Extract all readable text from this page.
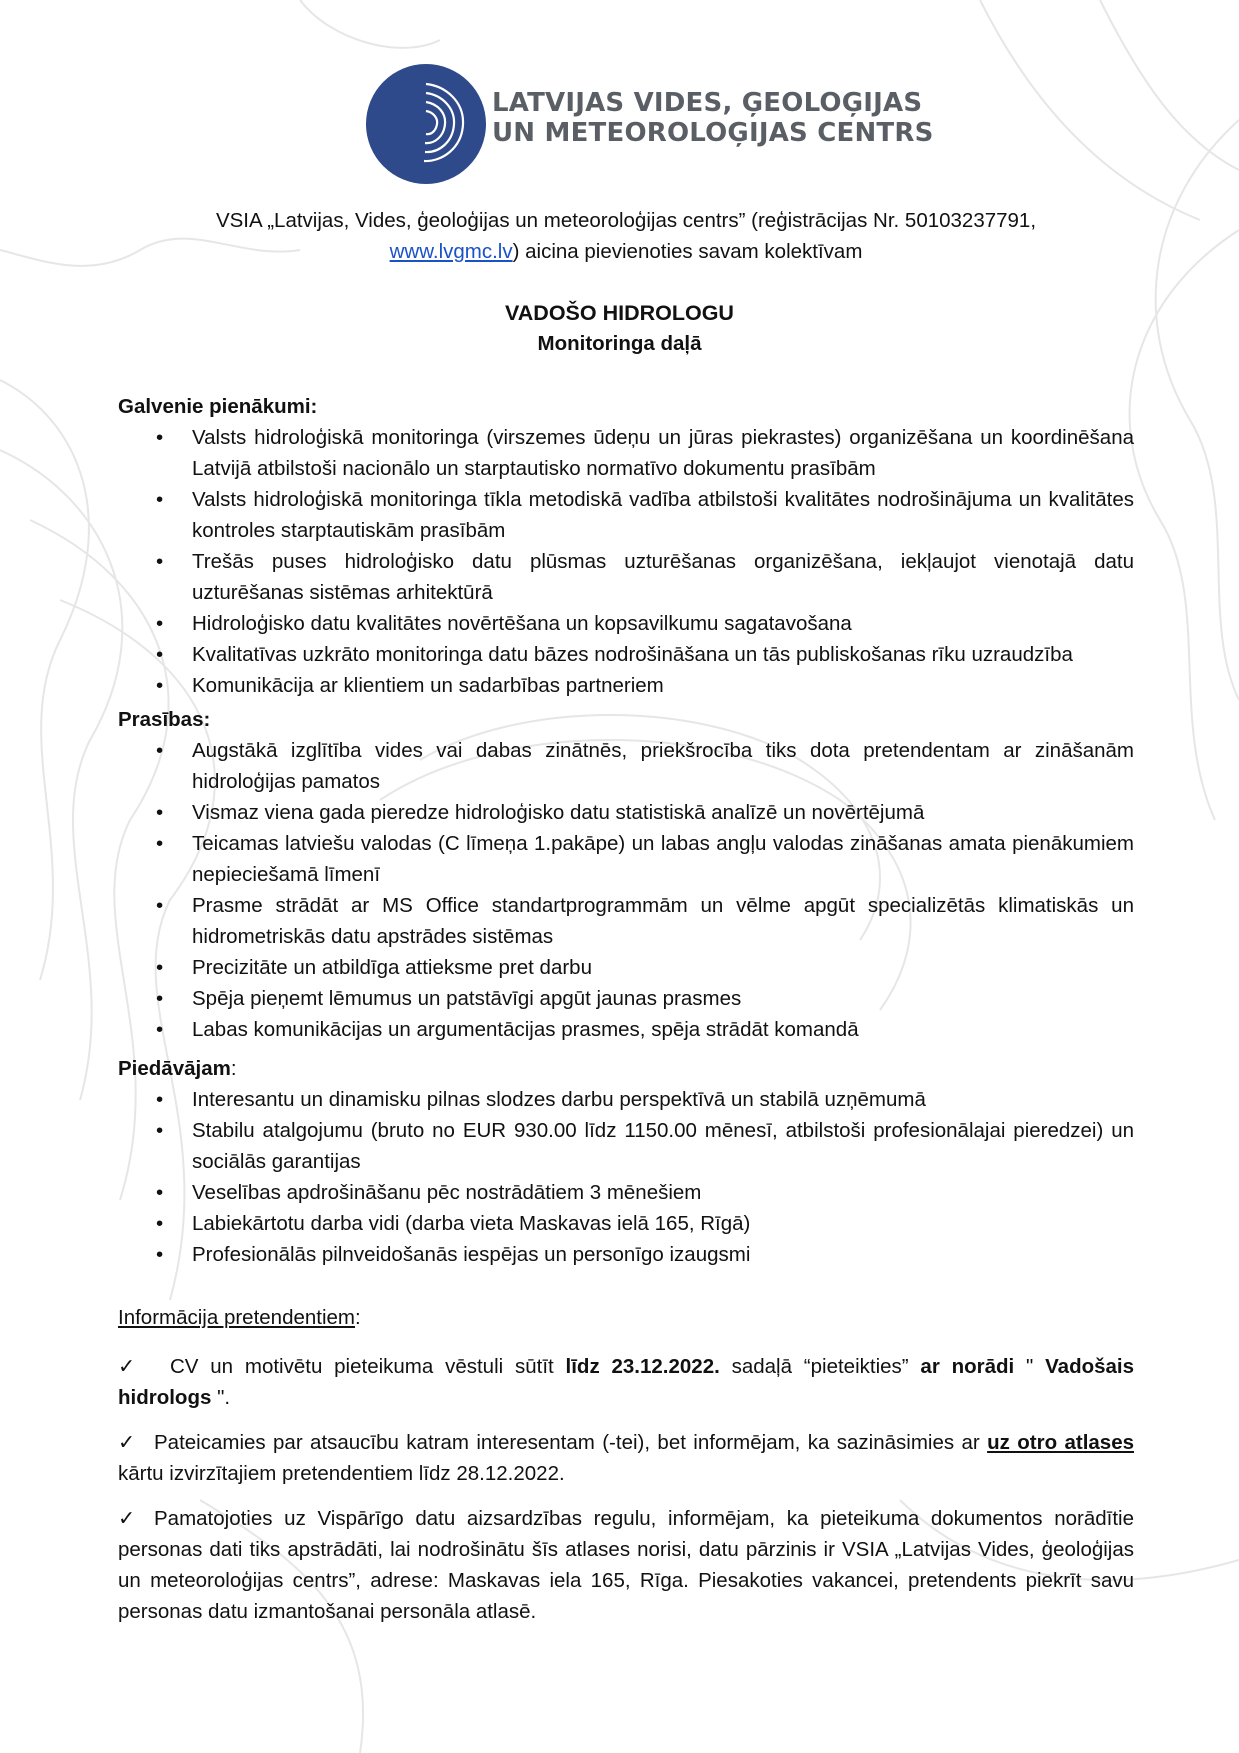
LATVIJAS VIDES, ĢEOLOĢIJAS
UN METEOROLOĢIJAS CENTRS
VSIA „Latvijas, Vides, ģeoloģijas un meteoroloģijas centrs” (reģistrācijas Nr. 50103237791,
www.lvgmc.lv) aicina pievienoties savam kolektīvam
VADOŠO HIDROLOGU
Monitoringa daļā

Galvenie pienākumi:

• Valsts hidroloģiskā monitoringa (virszemes ūdeņu un jūras piekrastes) organizēšana un koordinēšana Latvijā atbilstoši nacionālo un starptautisko normatīvo dokumentu prasībām
• Valsts hidroloģiskā monitoringa tīkla metodiskā vadība atbilstoši kvalitātes nodrošinājuma un kvalitātes kontroles starptautiskām prasībām
• Trešās puses hidroloģisko datu plūsmas uzturēšanas organizēšana, iekļaujot vienotajā datu uzturēšanas sistēmas arhitektūrā
• Hidroloģisko datu kvalitātes novērtēšana un kopsavilkumu sagatavošana
• Kvalitatīvas uzkrāto monitoringa datu bāzes nodrošināšana un tās publiskošanas rīku uzraudzība
• Komunikācija ar klientiem un sadarbības partneriem

Prasības:

• Augstākā izglītība vides vai dabas zinātnēs, priekšrocība tiks dota pretendentam ar zināšanām hidroloģijas pamatos
• Vismaz viena gada pieredze hidroloģisko datu statistiskā analīzē un novērtējumā
• Teicamas latviešu valodas (C līmeņa 1.pakāpe) un labas angļu valodas zināšanas amata pienākumiem nepieciešamā līmenī
• Prasme strādāt ar MS Office standartprogrammām un vēlme apgūt specializētās klimatiskās un hidrometriskās datu apstrādes sistēmas
• Precizitāte un atbildīga attieksme pret darbu
• Spēja pieņemt lēmumus un patstāvīgi apgūt jaunas prasmes
• Labas komunikācijas un argumentācijas prasmes, spēja strādāt komandā

Piedāvājam:

• Interesantu un dinamisku pilnas slodzes darbu perspektīvā un stabilā uzņēmumā
• Stabilu atalgojumu (bruto no EUR 930.00 līdz 1150.00 mēnesī, atbilstoši profesionālajai pieredzei) un sociālās garantijas
• Veselības apdrošināšanu pēc nostrādātiem 3 mēnešiem
• Labiekārtotu darba vidi (darba vieta Maskavas ielā 165, Rīgā)
• Profesionālās pilnveidošanās iespējas un personīgo izaugsmi

Informācija pretendentiem:

✓ CV un motivētu pieteikuma vēstuli sūtīt līdz 23.12.2022. sadaļā “pieteikties” ar norādi " Vadošais hidrologs ".

✓ Pateicamies par atsaucību katram interesentam (-tei), bet informējam, ka sazināsimies ar uz otro atlases kārtu izvirzītajiem pretendentiem līdz 28.12.2022.

✓ Pamatojoties uz Vispārīgo datu aizsardzības regulu, informējam, ka pieteikuma dokumentos norādītie personas dati tiks apstrādāti, lai nodrošinātu šīs atlases norisi, datu pārzinis ir VSIA „Latvijas Vides, ģeoloģijas un meteoroloģijas centrs”, adrese: Maskavas iela 165, Rīga. Piesakoties vakancei, pretendents piekrīt savu personas datu izmantošanai personāla atlasē.
